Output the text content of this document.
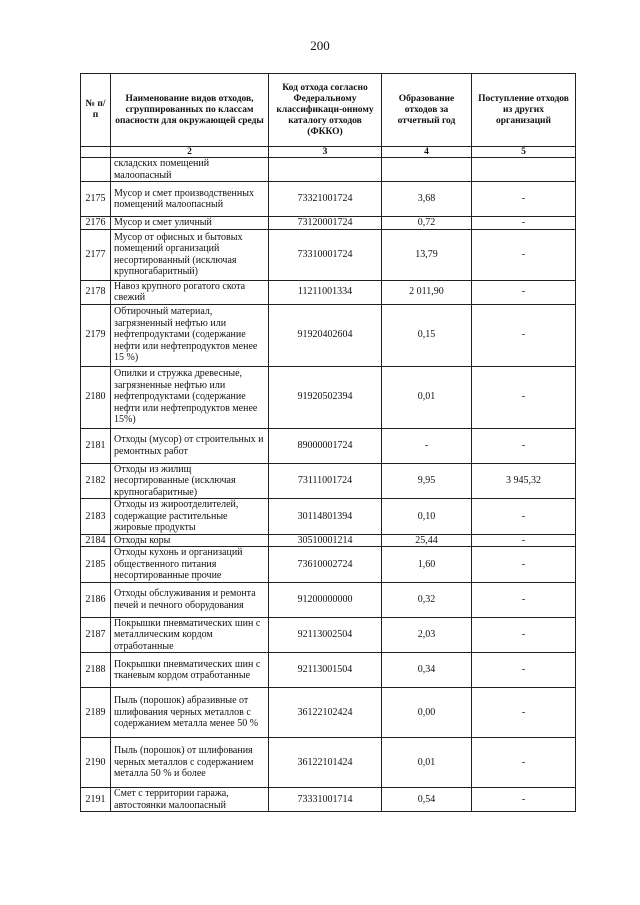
200
№ п/п	Наименование видов отходов, сгруппированных по классам опасности для окружающей среды	Код отхода согласно Федеральному классификаци-онному каталогу отходов (ФККО)	Образование отходов за отчетный год	Поступление отходов из других организаций
	2	3	4	5
	складских помещений малоопасный			
2175	Мусор и смет производственных помещений малоопасный	73321001724	3,68	-
2176	Мусор и смет уличный	73120001724	0,72	-
2177	Мусор от офисных и бытовых помещений организаций несортированный (исключая крупногабаритный)	73310001724	13,79	-
2178	Навоз крупного рогатого скота свежий	11211001334	2 011,90	-
2179	Обтирочный материал, загрязненный нефтью или нефтепродуктами (содержание нефти или нефтепродуктов менее 15 %)	91920402604	0,15	-
2180	Опилки и стружка древесные, загрязненные нефтью или нефтепродуктами (содержание нефти или нефтепродуктов менее 15%)	91920502394	0,01	-
2181	Отходы (мусор) от строительных и ремонтных работ	89000001724	-	-
2182	Отходы из жилищ несортированные (исключая крупногабаритные)	73111001724	9,95	3 945,32
2183	Отходы из жироотделителей, содержащие растительные жировые продукты	30114801394	0,10	-
2184	Отходы коры	30510001214	25,44	-
2185	Отходы кухонь и организаций общественного питания несортированные прочие	73610002724	1,60	-
2186	Отходы обслуживания и ремонта печей и печного оборудования	91200000000	0,32	-
2187	Покрышки пневматических шин с металлическим кордом отработанные	92113002504	2,03	-
2188	Покрышки пневматических шин с тканевым кордом отработанные	92113001504	0,34	-
2189	Пыль (порошок) абразивные от шлифования черных металлов с содержанием металла менее 50 %	36122102424	0,00	-
2190	Пыль (порошок) от шлифования черных металлов с содержанием металла 50 % и более	36122101424	0,01	-
2191	Смет с территории гаража, автостоянки малоопасный	73331001714	0,54	-
